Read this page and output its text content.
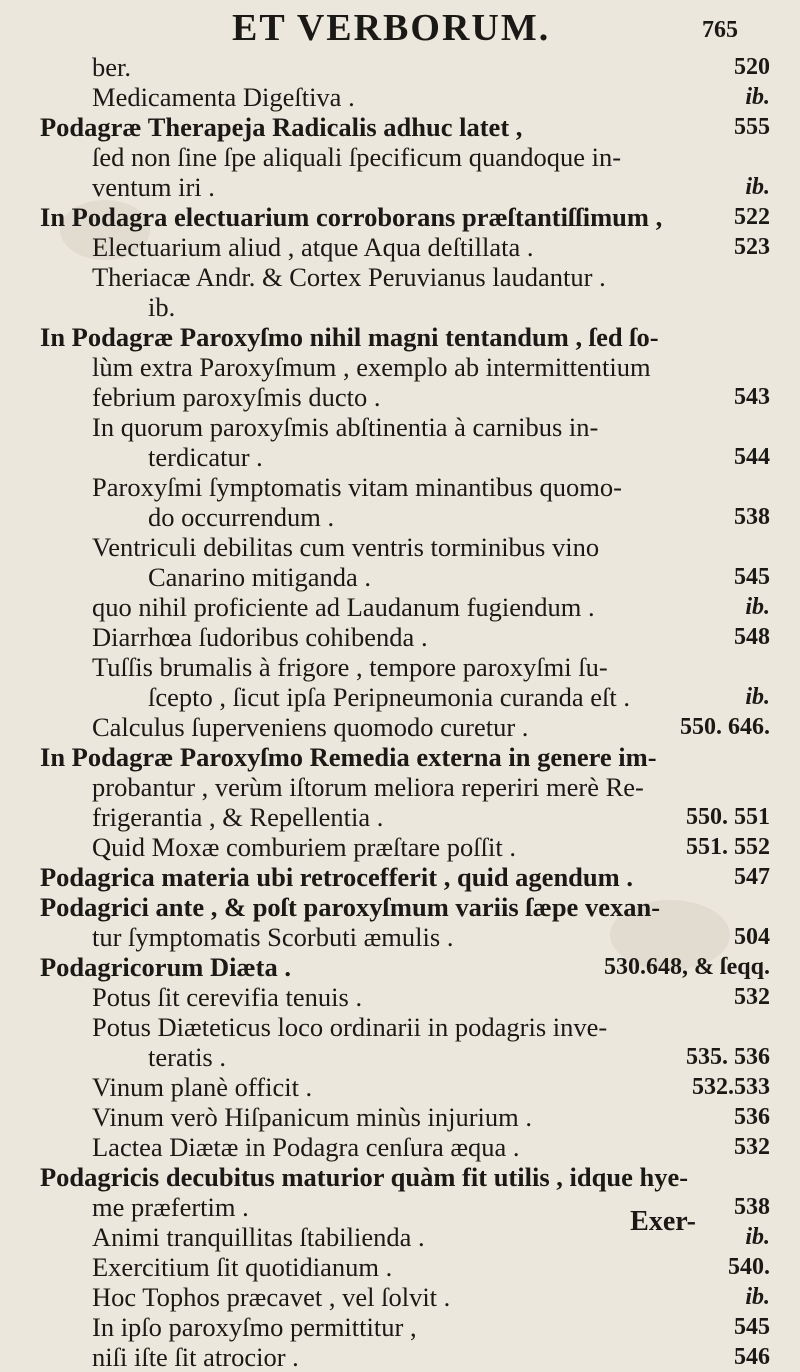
ET VERBORUM.	765
ber.	520
Medicamenta Digeſtiva .	ib.
Podagræ Therapeja Radicalis adhuc latet ,	555
ſed non ſine ſpe aliquali ſpecificum quandoque in-
ventum iri .	ib.
In Podagra electuarium corroborans præſtantiſſimum ,	522
Electuarium aliud , atque Aqua deſtillata .	523
Theriacæ Andr. & Cortex Peruvianus laudantur .
ib.
In Podagræ Paroxyſmo nihil magni tentandum , ſed ſo-
lùm extra Paroxyſmum , exemplo ab intermittentium
febrium paroxyſmis ducto .	543
In quorum paroxyſmis abſtinentia à carnibus in-
terdicatur .	544
Paroxyſmi ſymptomatis vitam minantibus quomo-
do occurrendum .	538
Ventriculi debilitas cum ventris torminibus vino
Canarino mitiganda .	545
quo nihil proficiente ad Laudanum fugiendum .	ib.
Diarrhœa ſudoribus cohibenda .	548
Tuſſis brumalis à frigore , tempore paroxyſmi ſu-
ſcepto , ſicut ipſa Peripneumonia curanda eſt .	ib.
Calculus ſuperveniens quomodo curetur .	550. 646.
In Podagræ Paroxyſmo Remedia externa in genere im-
probantur , verùm iſtorum meliora reperiri merè Re-
frigerantia , & Repellentia .	550. 551
Quid Moxæ comburiem præſtare poſſit .	551. 552
Podagrica materia ubi retrocefferit , quid agendum .	547
Podagrici ante , & poſt paroxyſmum variis ſæpe vexan-
tur ſymptomatis Scorbuti æmulis .	504
Podagricorum Diæta .	530.648, & ſeqq.
Potus ſit cerevifia tenuis .	532
Potus Diæteticus loco ordinarii in podagris inve-
teratis .	535. 536
Vinum planè officit .	532.533
Vinum verò Hiſpanicum minùs injurium .	536
Lactea Diætæ in Podagra cenſura æqua .	532
Podagricis decubitus maturior quàm fit utilis , idque hye-
me præfertim .	538
Animi tranquillitas ſtabilienda .	ib.
Exercitium ſit quotidianum .	540.
Hoc Tophos præcavet , vel ſolvit .	ib.
In ipſo paroxyſmo permittitur ,	545
niſi iſte ſit atrocior .	546
Exer-
